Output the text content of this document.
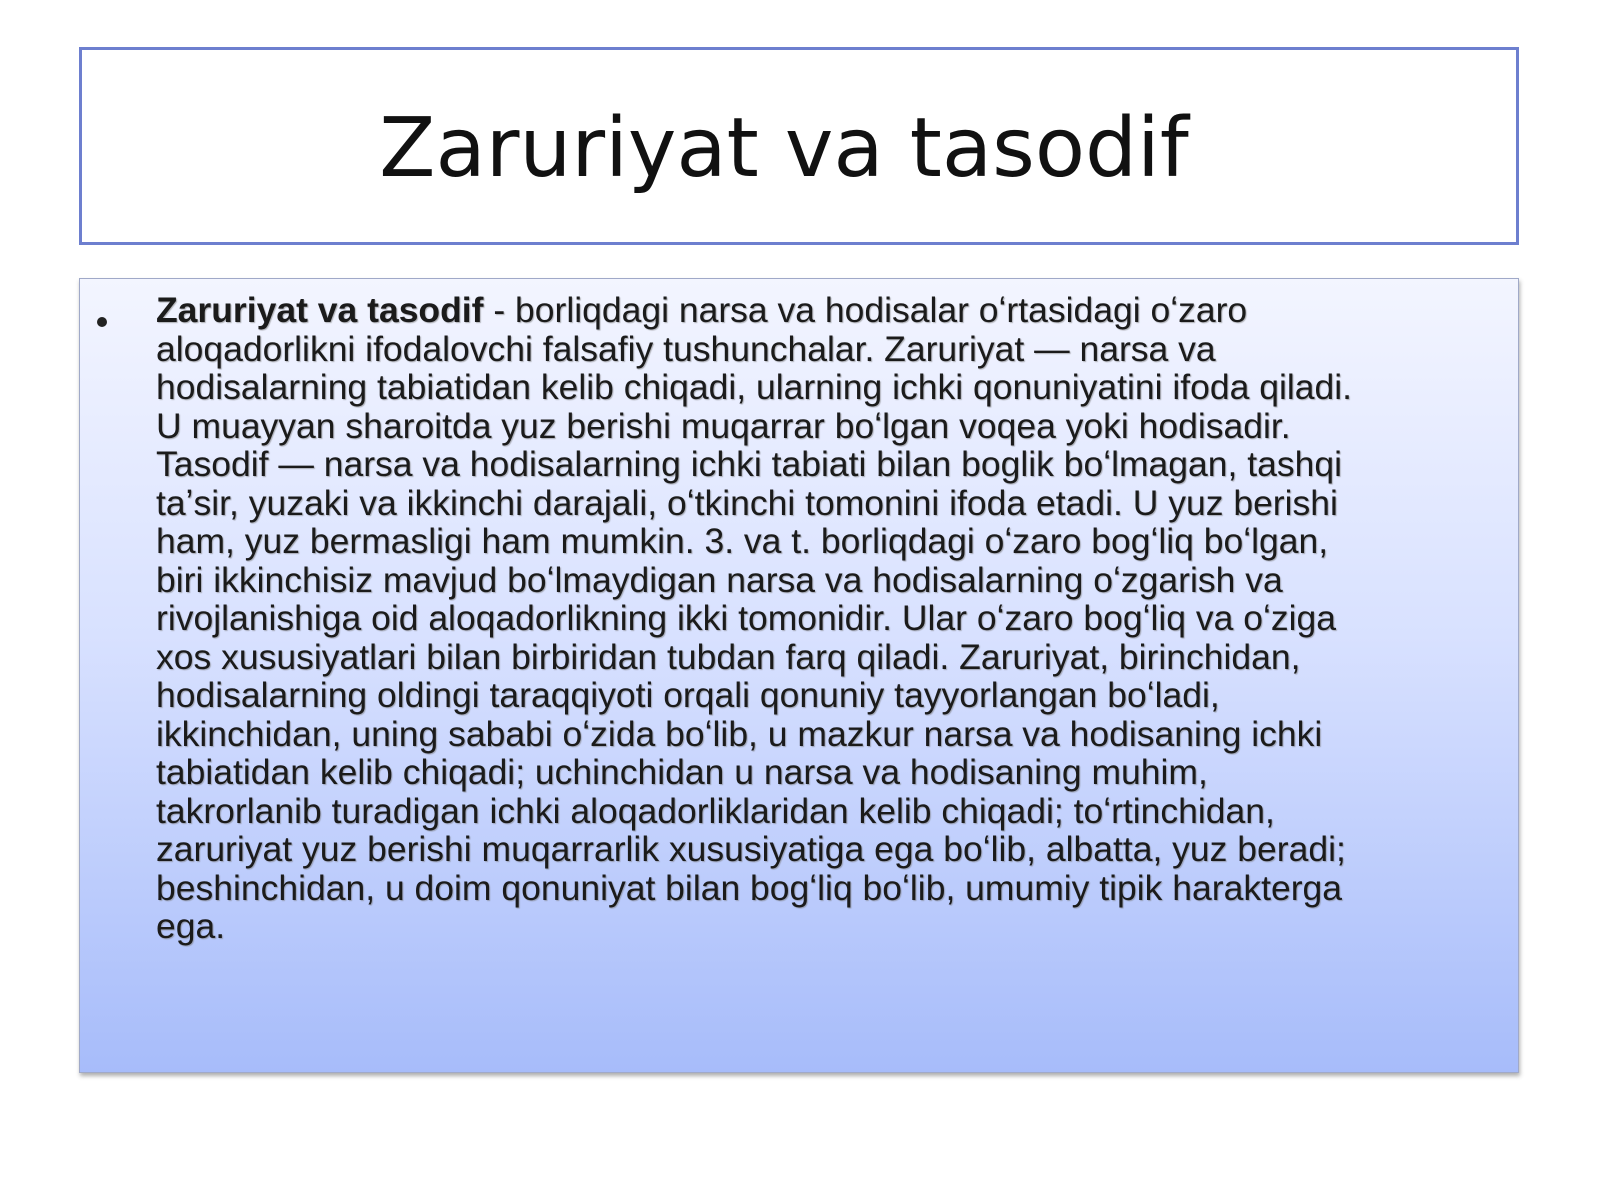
Zaruriyat va tasodif

Zaruriyat va tasodif - borliqdagi narsa va hodisalar oʻrtasidagi oʻzaro
aloqadorlikni ifodalovchi falsafiy tushunchalar. Zaruriyat — narsa va
hodisalarning tabiatidan kelib chiqadi, ularning ichki qonuniyatini ifoda qiladi.
U muayyan sharoitda yuz berishi muqarrar boʻlgan voqea yoki hodisadir.
Tasodif — narsa va hodisalarning ichki tabiati bilan boglik boʻlmagan, tashqi
taʼsir, yuzaki va ikkinchi darajali, oʻtkinchi tomonini ifoda etadi. U yuz berishi
ham, yuz bermasligi ham mumkin. 3. va t. borliqdagi oʻzaro bogʻliq boʻlgan,
biri ikkinchisiz mavjud boʻlmaydigan narsa va hodisalarning oʻzgarish va
rivojlanishiga oid aloqadorlikning ikki tomonidir. Ular oʻzaro bogʻliq va oʻziga
xos xususiyatlari bilan birbiridan tubdan farq qiladi. Zaruriyat, birinchidan,
hodisalarning oldingi taraqqiyoti orqali qonuniy tayyorlangan boʻladi,
ikkinchidan, uning sababi oʻzida boʻlib, u mazkur narsa va hodisaning ichki
tabiatidan kelib chiqadi; uchinchidan u narsa va hodisaning muhim,
takrorlanib turadigan ichki aloqadorliklaridan kelib chiqadi; toʻrtinchidan,
zaruriyat yuz berishi muqarrarlik xususiyatiga ega boʻlib, albatta, yuz beradi;
beshinchidan, u doim qonuniyat bilan bogʻliq boʻlib, umumiy tipik harakterga
ega.
